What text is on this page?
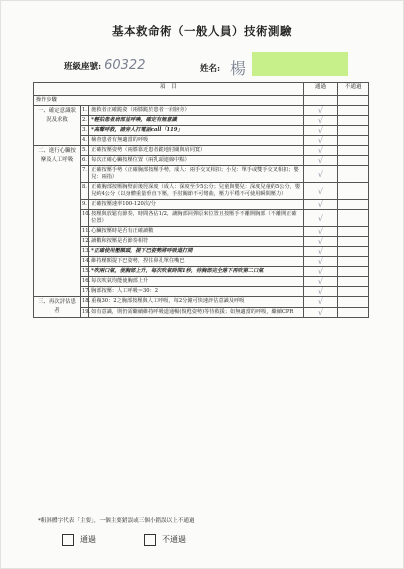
基本救命術（一般人員）技術測驗
班級座號: 60322	姓名: 楊
項　目			通過	不通過
操作步驟				
一、確定意識狀況及求救	1.	施救者正確跪姿（兩膝跪於患者一肩膀旁）	√	
	2.	*輕拍患者肩部並呼喚，確定有無意識	√	
	3.	*高聲呼救，請旁人打電話call「119」	√	
	4.	檢查患者有無適當的呼吸	√	
二、進行心臟按摩及人工呼吸	5.	正確按壓姿勢（兩膝靠近患者跪地肘關與肩同寬）	√	
	6.	每次正確心臟按壓位置（兩乳頭連線中點）	√	
	7.	正確按壓手勢（正確胸部按壓手勢，成人：兩手交叉相扣；小兒：單手或雙手交叉相扣；嬰兒：兩指）	√	
	8.	正確胸部按壓胸壁前後徑深度（成人：深度至少5公分；兒童與嬰兒：深度兒童約5公分，嬰兒約4公分（以身體重量垂直下壓，手肘關節不可彎曲，壓力平穩不可使用瞬間壓力）	√	
	9.	正確按壓速率100-120次/分	√	
	10.	按壓與放鬆有節奏，時間各佔1/2，讓胸部回彈原來位置且按壓手不離開胸部（不離開正確位置）	√	
	11.	心臟按壓時是否有正確讀數	√	
	12.	讀數和按壓是否節奏相符	√	
	13.	*正確使用壓額頭，提下巴姿勢將呼吸道打開	√	
	14.	維持壓額提下巴姿勢，捏住鼻孔單住嘴巴	√	
	15.	*吹兩口氣，使胸部上升，每次吹氣時間1秒，待胸部完全落下再吹第二口氣	√	
	16.	每次吹氣均能使胸部上升	√	
	17.	胸部按壓：人工呼吸＝30：2	√	
三、再次評估患者	18.	重複30：2之胸部按壓與人工呼吸，每2分鐘可快速評估意識及呼吸	√	
	19.	如有意識，則仍需繼續維持呼吸道通暢(復甦姿勢)等待救援；如無適當的呼吸，繼續CPR	√	
*粗斜體字代表「主要」，一個主要錯誤或三個小錯誤以上不通過
通過	不通過
